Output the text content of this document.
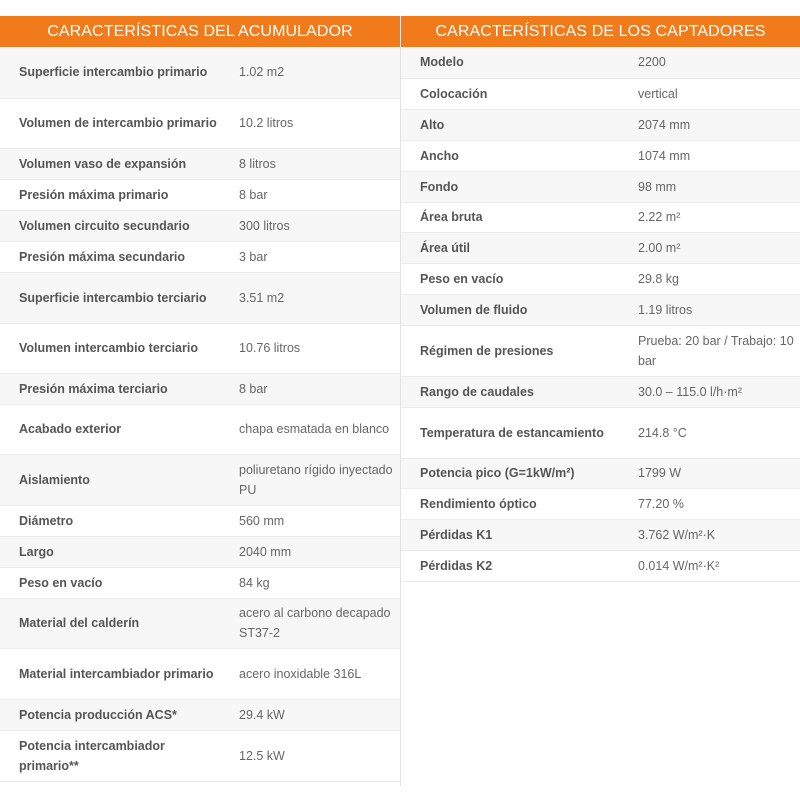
CARACTERÍSTICAS DEL ACUMULADOR
Superficie intercambio primario	1.02 m2
Volumen de intercambio primario	10.2 litros
Volumen vaso de expansión	8 litros
Presión máxima primario	8 bar
Volumen circuito secundario	300 litros
Presión máxima secundario	3 bar
Superficie intercambio terciario	3.51 m2
Volumen intercambio terciario	10.76 litros
Presión máxima terciario	8 bar
Acabado exterior	chapa esmatada en blanco
Aislamiento	poliuretano rígido inyectado PU
Diámetro	560 mm
Largo	2040 mm
Peso en vacío	84 kg
Material del calderín	acero al carbono decapado ST37-2
Material intercambiador primario	acero inoxidable 316L
Potencia producción ACS*	29.4 kW
Potencia intercambiador primario**	12.5 kW
CARACTERÍSTICAS DE LOS CAPTADORES
Modelo	2200
Colocación	vertical
Alto	2074 mm
Ancho	1074 mm
Fondo	98 mm
Área bruta	2.22 m²
Área útil	2.00 m²
Peso en vacío	29.8 kg
Volumen de fluido	1.19 litros
Régimen de presiones	Prueba: 20 bar / Trabajo: 10 bar
Rango de caudales	30.0 – 115.0 l/h·m²
Temperatura de estancamiento	214.8 °C
Potencia pico (G=1kW/m²)	1799 W
Rendimiento óptico	77.20 %
Pérdidas K1	3.762 W/m²·K
Pérdidas K2	0.014 W/m²·K²
